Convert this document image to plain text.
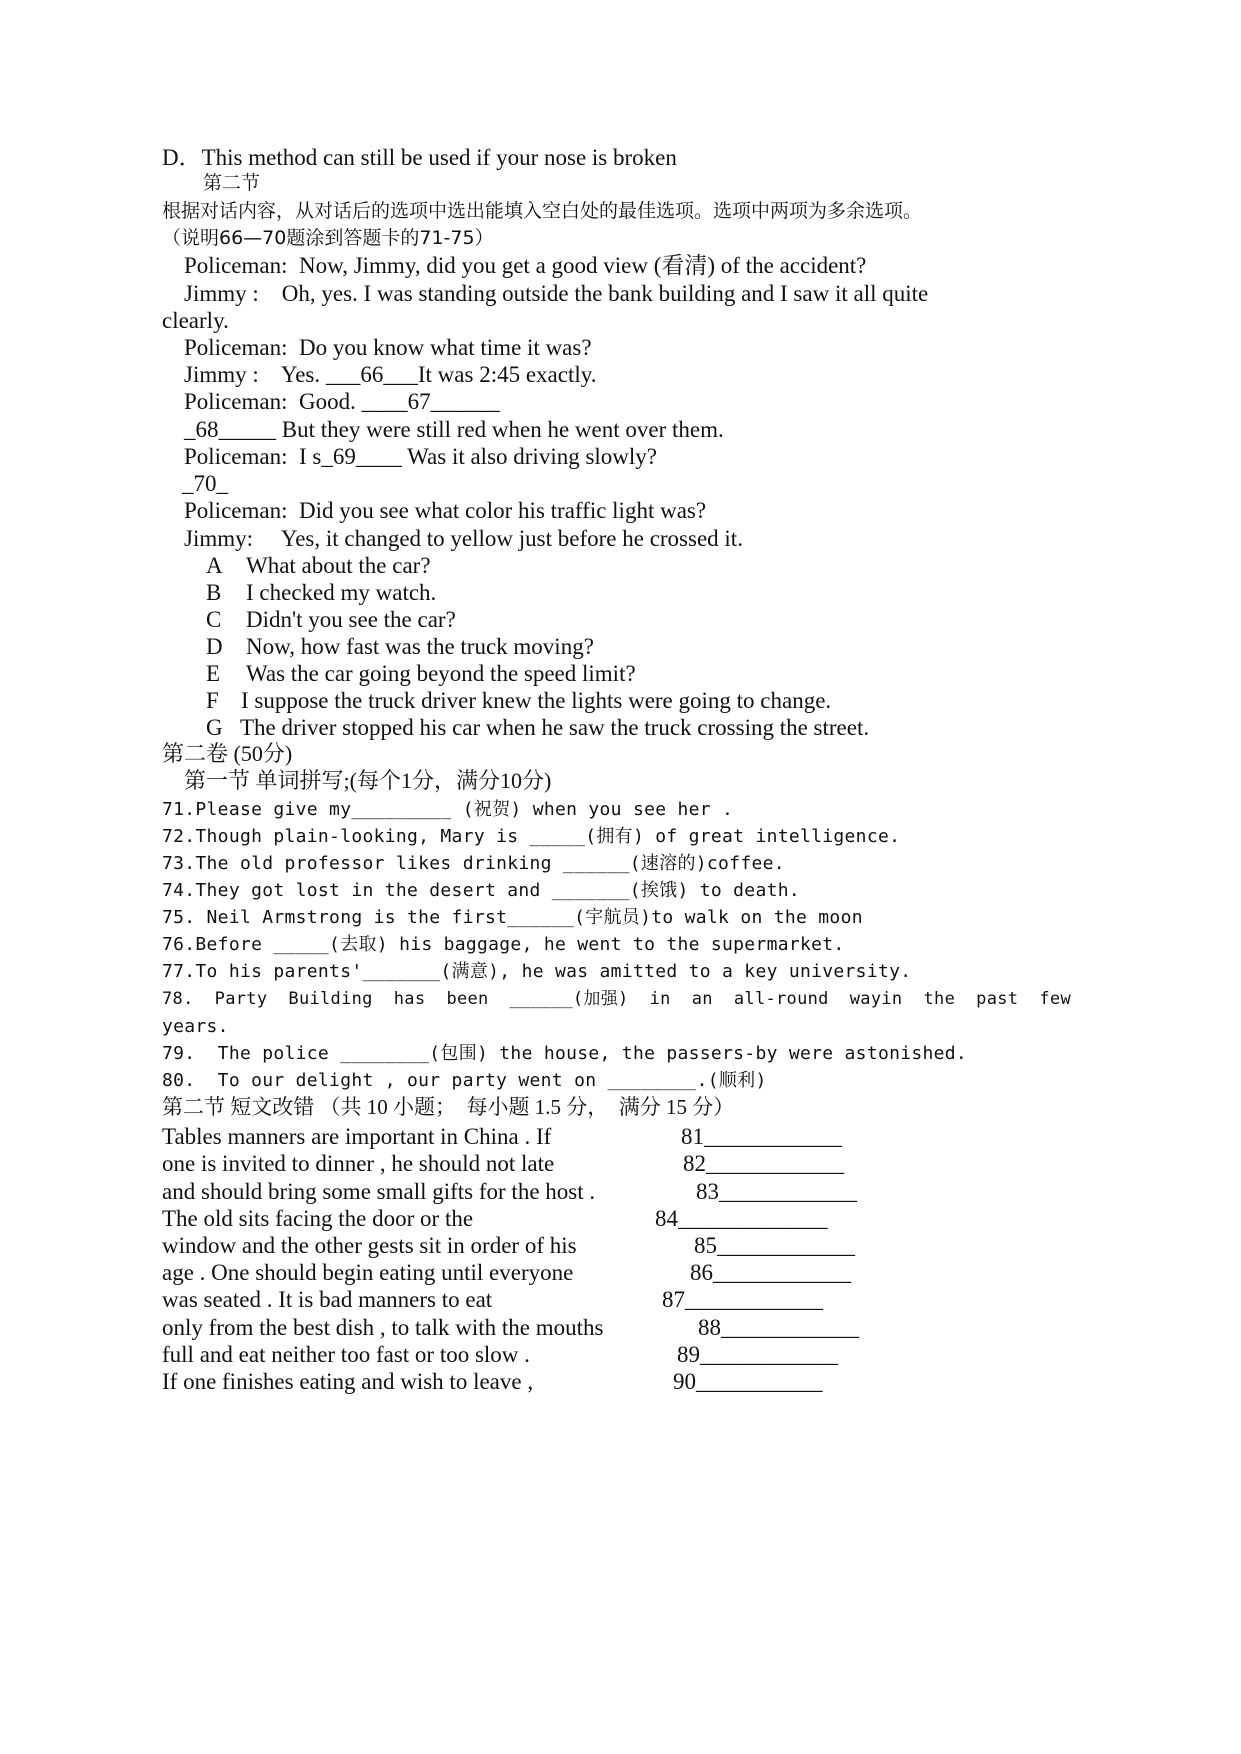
D．This method can still be used if your nose is broken
第二节
根据对话内容，从对话后的选项中选出能填入空白处的最佳选项。选项中两项为多余选项。
（说明66—70题涂到答题卡的71-75）
Policeman:  Now, Jimmy, did you get a good view (看清) of the accident?
Jimmy :    Oh, yes. I was standing outside the bank building and I saw it all quite
clearly.
Policeman:  Do you know what time it was?
Jimmy :    Yes. ___66___It was 2:45 exactly.
Policeman:  Good. ____67______
_68_____ But they were still red when he went over them.
Policeman:  I s_69____ Was it also driving slowly?
_70_
Policeman:  Did you see what color his traffic light was?
Jimmy:     Yes, it changed to yellow just before he crossed it.
A What about the car?
B I checked my watch.
C Didn't you see the car?
D Now, how fast was the truck moving?
E Was the car going beyond the speed limit?
F I suppose the truck driver knew the lights were going to change.
G The driver stopped his car when he saw the truck crossing the street.
第二卷 (50分)
第一节 单词拼写;(每个1分，满分10分)
71.Please give my_________ (祝贺) when you see her .
72.Though plain-looking, Mary is _____(拥有) of great intelligence.
73.The old professor likes drinking ______(速溶的)coffee.
74.They got lost in the desert and _______(挨饿) to death.
75. Neil Armstrong is the first______(宇航员)to walk on the moon
76.Before _____(去取) his baggage, he went to the supermarket.
77.To his parents'_______(满意), he was amitted to a key university.
78.  Party  Building  has  been  ______(加强)  in  an  all-round  wayin  the  past  few
years.
79.  The police ________(包围) the house, the passers-by were astonished.
80.  To our delight , our party went on ________.(顺利)
第二节 短文改错 （共 10 小题；  每小题 1.5 分，  满分 15 分）
Tables manners are important in China . If	81____________
one is invited to dinner , he should not late	82____________
and should bring some small gifts for the host .	83____________
The old sits facing the door or the	84_____________
window and the other gests sit in order of his	85____________
age . One should begin eating until everyone	86____________
was seated . It is bad manners to eat	87____________
only from the best dish , to talk with the mouths	88____________
full and eat neither too fast or too slow .	89____________
If one finishes eating and wish to leave ,	90___________
